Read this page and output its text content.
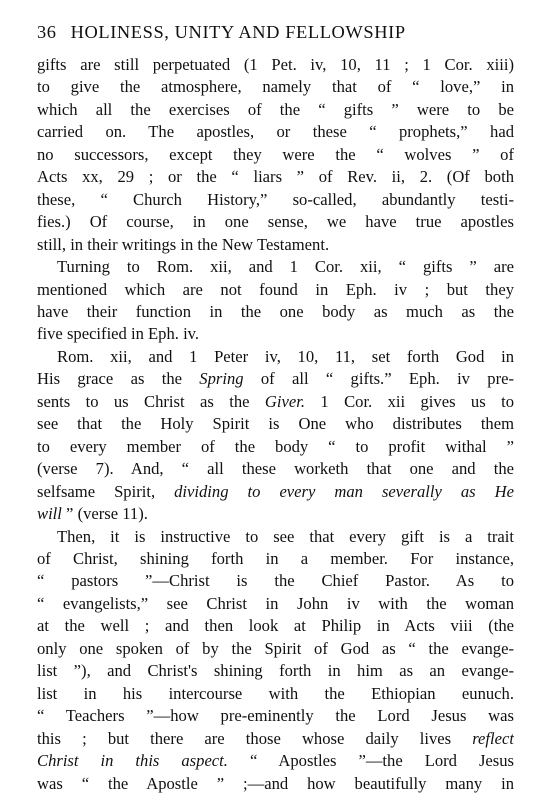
36 HOLINESS, UNITY AND FELLOWSHIP
gifts are still perpetuated (1 Pet. iv, 10, 11 ; 1 Cor. xiii)
to give the atmosphere, namely that of “ love,” in
which all the exercises of the “ gifts ” were to be
carried on. The apostles, or these “ prophets,” had
no successors, except they were the “ wolves ” of
Acts xx, 29 ; or the “ liars ” of Rev. ii, 2. (Of both
these, “ Church History,” so-called, abundantly testi-
fies.) Of course, in one sense, we have true apostles
still, in their writings in the New Testament.
Turning to Rom. xii, and 1 Cor. xii, “ gifts ” are
mentioned which are not found in Eph. iv ; but they
have their function in the one body as much as the
five specified in Eph. iv.
Rom. xii, and 1 Peter iv, 10, 11, set forth God in
His grace as the Spring of all “ gifts.” Eph. iv pre-
sents to us Christ as the Giver. 1 Cor. xii gives us to
see that the Holy Spirit is One who distributes them
to every member of the body “ to profit withal ”
(verse 7). And, “ all these worketh that one and the
selfsame Spirit, dividing to every man severally as He
will ” (verse 11).
Then, it is instructive to see that every gift is a trait
of Christ, shining forth in a member. For instance,
“ pastors ”—Christ is the Chief Pastor. As to
“ evangelists,” see Christ in John iv with the woman
at the well ; and then look at Philip in Acts viii (the
only one spoken of by the Spirit of God as “ the evange-
list ”), and Christ's shining forth in him as an evange-
list in his intercourse with the Ethiopian eunuch.
“ Teachers ”—how pre-eminently the Lord Jesus was
this ; but there are those whose daily lives reflect
Christ in this aspect. “ Apostles ”—the Lord Jesus
was “ the Apostle ” ;—and how beautifully many in
